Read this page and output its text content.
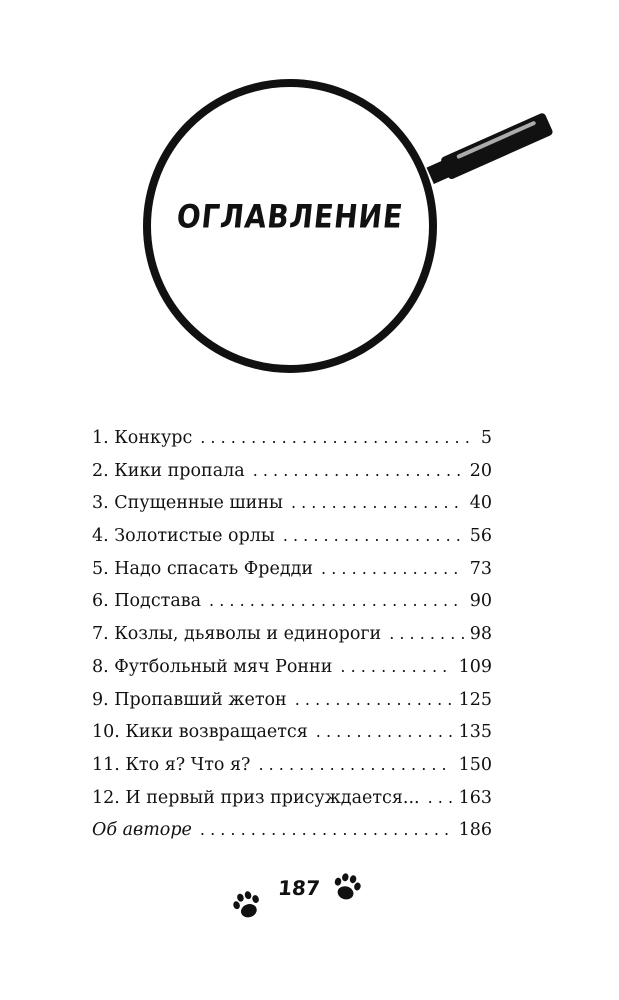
ОГЛАВЛЕНИЕ
1. Конкурс . . .	5
2. Кики пропала . . .	20
3. Спущенные шины . . .	40
4. Золотистые орлы . . .	56
5. Надо спасать Фредди . . .	73
6. Подстава . . .	90
7. Козлы, дьяволы и единороги . . .	98
8. Футбольный мяч Ронни . . .	109
9. Пропавший жетон . . .	125
10. Кики возвращается . . .	135
11. Кто я? Что я? . . .	150
12. И первый приз присуждается... . . . 163
Об авторе . . .	186
187
